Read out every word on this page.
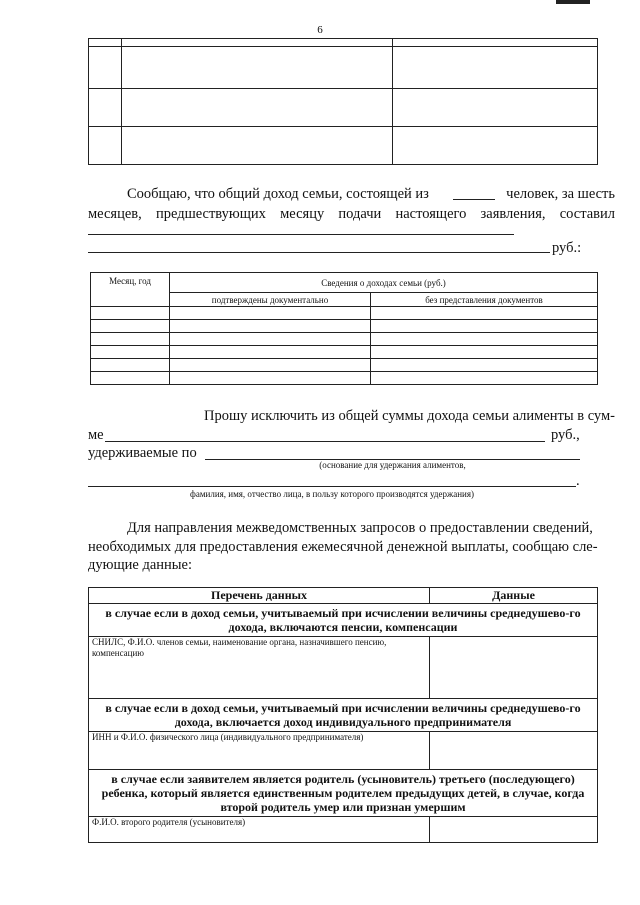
6

Сообщаю, что общий доход семьи, состоящей из	человек, за шесть
месяцев, предшествующих месяцу подачи настоящего заявления, составил
руб.:
Месяц, год	Сведения о доходах семьи (руб.)	
	подтверждены документально	без представления документов

Прошу исключить из общей суммы дохода семьи алименты в сум-
ме	руб.,
удерживаемые по
(основание для удержания алиментов,
.
фамилия, имя, отчество лица, в пользу которого производятся удержания)
Для направления межведомственных запросов о предоставлении сведений,
необходимых для предоставления ежемесячной денежной выплаты, сообщаю сле-
дующие данные:
Перечень данных	Данные
в случае если в доход семьи, учитываемый при исчислении величины среднедушево-го дохода, включаются пенсии, компенсации	
СНИЛС, Ф.И.О. членов семьи, наименование органа, назначившего пенсию, компенсацию	
в случае если в доход семьи, учитываемый при исчислении величины среднедушево-го дохода, включается доход индивидуального предпринимателя	
ИНН и Ф.И.О. физического лица (индивидуального предпринимателя)	
в случае если заявителем является родитель (усыновитель) третьего (последующего) ребенка, который является единственным родителем предыдущих детей, в случае, когда второй родитель умер или признан умершим	
Ф.И.О. второго родителя (усыновителя)	
